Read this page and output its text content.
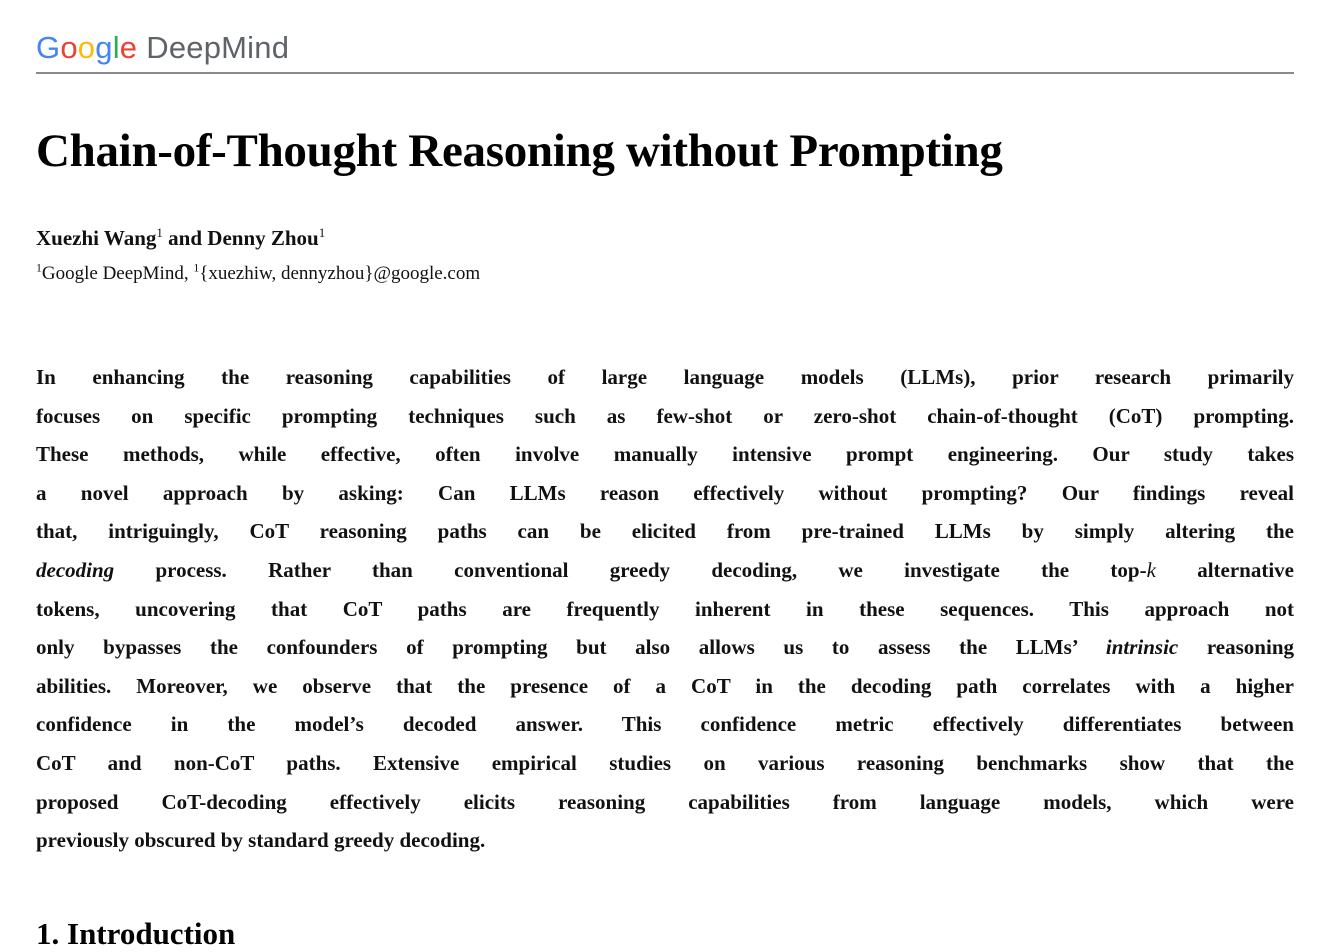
Google DeepMind
Chain-of-Thought Reasoning without Prompting
Xuezhi Wang$^1$ and Denny Zhou$^1$
$^1$Google DeepMind, $^1${xuezhiw, dennyzhou}@google.com
In enhancing the reasoning capabilities of large language models (LLMs), prior research primarily
focuses on specific prompting techniques such as few-shot or zero-shot chain-of-thought (CoT) prompting.
These methods, while effective, often involve manually intensive prompt engineering. Our study takes
a novel approach by asking: Can LLMs reason effectively without prompting? Our findings reveal
that, intriguingly, CoT reasoning paths can be elicited from pre-trained LLMs by simply altering the
decoding process. Rather than conventional greedy decoding, we investigate the top-k alternative
tokens, uncovering that CoT paths are frequently inherent in these sequences. This approach not
only bypasses the confounders of prompting but also allows us to assess the LLMs’ intrinsic reasoning
abilities. Moreover, we observe that the presence of a CoT in the decoding path correlates with a higher
confidence in the model’s decoded answer. This confidence metric effectively differentiates between
CoT and non-CoT paths. Extensive empirical studies on various reasoning benchmarks show that the
proposed CoT-decoding effectively elicits reasoning capabilities from language models, which were
previously obscured by standard greedy decoding.
1. Introduction
